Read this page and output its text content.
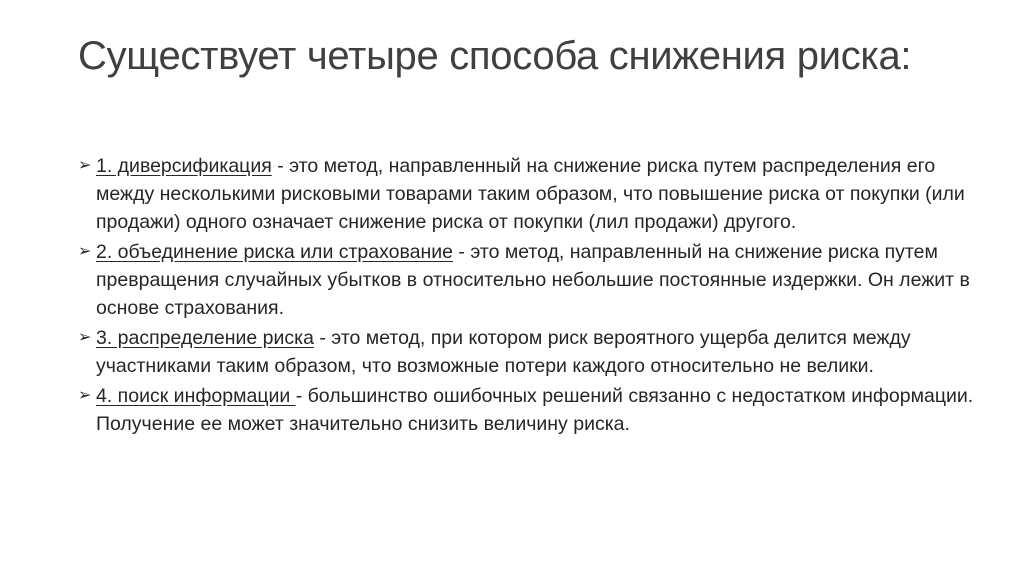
Существует четыре способа снижения риска:
➢ 1. диверсификация - это метод, направленный на снижение риска путем распределения его между несколькими рисковыми товарами таким образом, что повышение риска от покупки (или продажи) одного означает снижение риска от покупки (лил продажи) другого.
➢ 2. объединение риска или страхование - это метод, направленный на снижение риска путем превращения случайных убытков в относительно небольшие постоянные издержки. Он лежит в основе страхования.
➢ 3. распределение риска - это метод, при котором риск вероятного ущерба делится между участниками таким образом, что возможные потери каждого относительно не велики.
➢ 4. поиск информации - большинство ошибочных решений связанно с недостатком информации. Получение ее может значительно снизить величину риска.
